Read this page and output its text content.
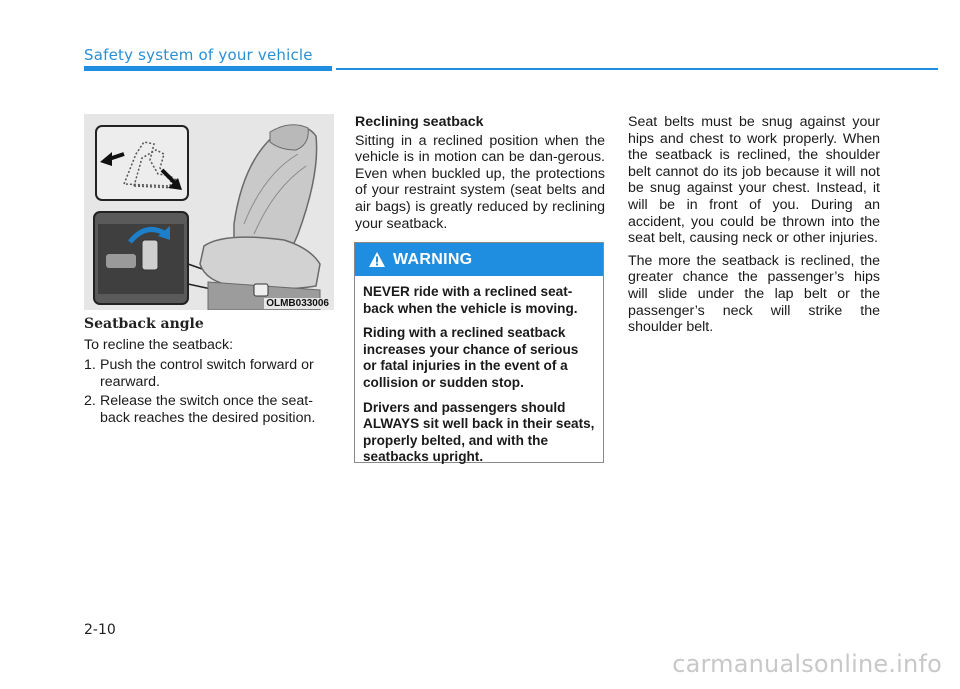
Safety system of your vehicle
OLMB033006
Seatback angle

To recline the seatback:

1. Push the control switch forward or rearward.
2. Release the switch once the seat-back reaches the desired position.
Reclining seatback

Sitting in a reclined position when the vehicle is in motion can be dan-gerous. Even when buckled up, the protections of your restraint system (seat belts and air bags) is greatly reduced by reclining your seatback.

WARNING

NEVER ride with a reclined seat-back when the vehicle is moving.

Riding with a reclined seatback increases your chance of serious or fatal injuries in the event of a collision or sudden stop.

Drivers and passengers should ALWAYS sit well back in their seats, properly belted, and with the seatbacks upright.

Seat belts must be snug against your hips and chest to work properly. When the seatback is reclined, the shoulder belt cannot do its job because it will not be snug against your chest. Instead, it will be in front of you. During an accident, you could be thrown into the seat belt, causing neck or other injuries.

The more the seatback is reclined, the greater chance the passenger’s hips will slide under the lap belt or the passenger’s neck will strike the shoulder belt.

2-10
carmanualsonline.info
